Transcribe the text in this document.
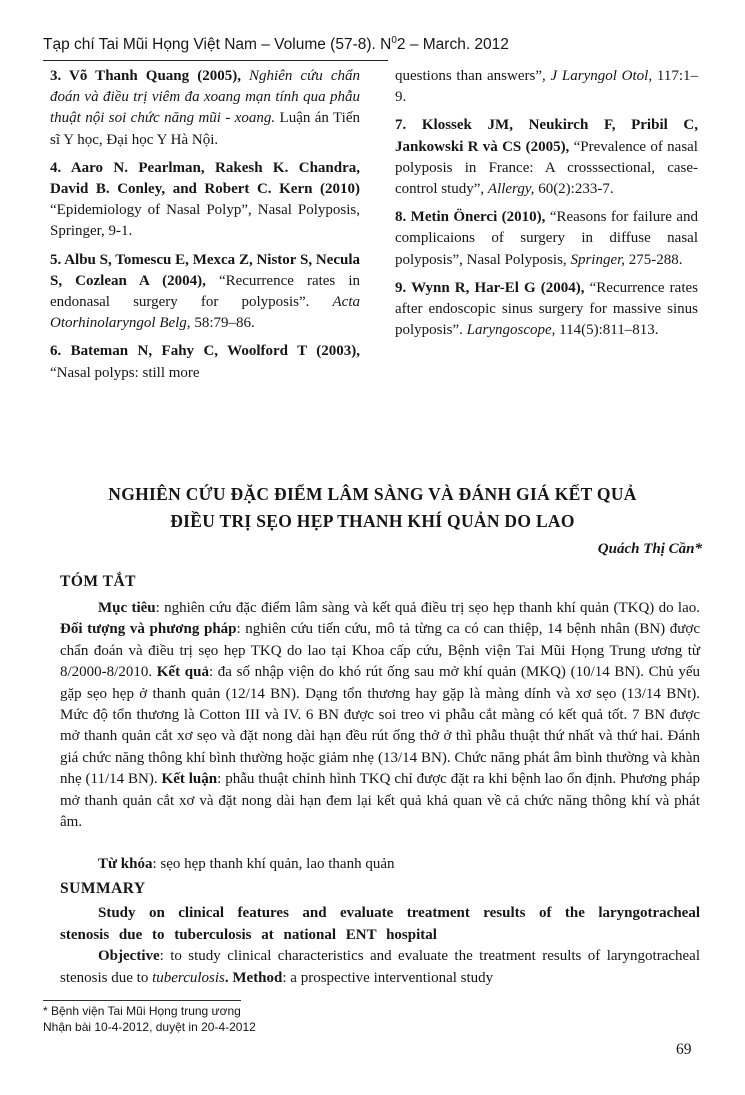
Tạp chí Tai Mũi Họng Việt Nam – Volume (57-8). $N^02$ – March. 2012

3. Võ Thanh Quang (2005), Nghiên cứu chẩn đoán và điều trị viêm đa xoang mạn tính qua phẫu thuật nội soi chức năng mũi - xoang. Luận án Tiến sĩ Y học, Đại học Y Hà Nội.

4. Aaro N. Pearlman, Rakesh K. Chandra, David B. Conley, and Robert C. Kern (2010) “Epidemiology of Nasal Polyp”, Nasal Polyposis, Springer, 9-1.

5. Albu S, Tomescu E, Mexca Z, Nistor S, Necula S, Cozlean A (2004), “Recurrence rates in endonasal surgery for polyposis”. Acta Otorhinolaryngol Belg, 58:79–86.

6. Bateman N, Fahy C, Woolford T (2003), “Nasal polyps: still more

questions than answers”, J Laryngol Otol, 117:1–9.

7. Klossek JM, Neukirch F, Pribil C, Jankowski R và CS (2005), “Prevalence of nasal polyposis in France: A crosssectional, case-control study”, Allergy, 60(2):233-7.

8. Metin Önerci (2010), “Reasons for failure and complicaions of surgery in diffuse nasal polyposis”, Nasal Polyposis, Springer, 275-288.

9. Wynn R, Har-El G (2004), “Recurrence rates after endoscopic sinus surgery for massive sinus polyposis”. Laryngoscope, 114(5):811–813.

NGHIÊN CỨU ĐẶC ĐIỂM LÂM SÀNG VÀ ĐÁNH GIÁ KẾT QUẢ
ĐIỀU TRỊ SẸO HẸP THANH KHÍ QUẢN DO LAO
Quách Thị Cần*
TÓM TẮT

Mục tiêu: nghiên cứu đặc điểm lâm sàng và kết quả điều trị sẹo hẹp thanh khí quản (TKQ) do lao. Đối tượng và phương pháp: nghiên cứu tiến cứu, mô tả từng ca có can thiệp, 14 bệnh nhân (BN) được chẩn đoán và điều trị sẹo hẹp TKQ do lao tại Khoa cấp cứu, Bệnh viện Tai Mũi Họng Trung ương từ 8/2000-8/2010. Kết quả: đa số nhập viện do khó rút ống sau mở khí quản (MKQ) (10/14 BN). Chủ yếu gặp sẹo hẹp ở thanh quản (12/14 BN). Dạng tổn thương hay gặp là màng dính và xơ sẹo (13/14 BNt). Mức độ tổn thương là Cotton III và IV. 6 BN được soi treo vi phẫu cắt màng có kết quả tốt. 7 BN được mở thanh quản cắt xơ sẹo và đặt nong dài hạn đều rút ống thở ở thì phẫu thuật thứ nhất và thứ hai. Đánh giá chức năng thông khí bình thường hoặc giảm nhẹ (13/14 BN). Chức năng phát âm bình thường và khàn nhẹ (11/14 BN). Kết luận: phẫu thuật chỉnh hình TKQ chỉ được đặt ra khi bệnh lao ổn định. Phương pháp mở thanh quản cắt xơ và đặt nong dài hạn đem lại kết quả khả quan về cả chức năng thông khí và phát âm.

Từ khóa: sẹo hẹp thanh khí quản, lao thanh quản

SUMMARY

Study on clinical features and evaluate treatment results of the laryngotracheal stenosis due to tuberculosis at national ENT hospital

Objective: to study clinical characteristics and evaluate the treatment results of laryngotracheal stenosis due to tuberculosis. Method: a prospective interventional study

* Bệnh viện Tai Mũi Họng trung ương
Nhận bài 10-4-2012, duyệt in 20-4-2012
69
